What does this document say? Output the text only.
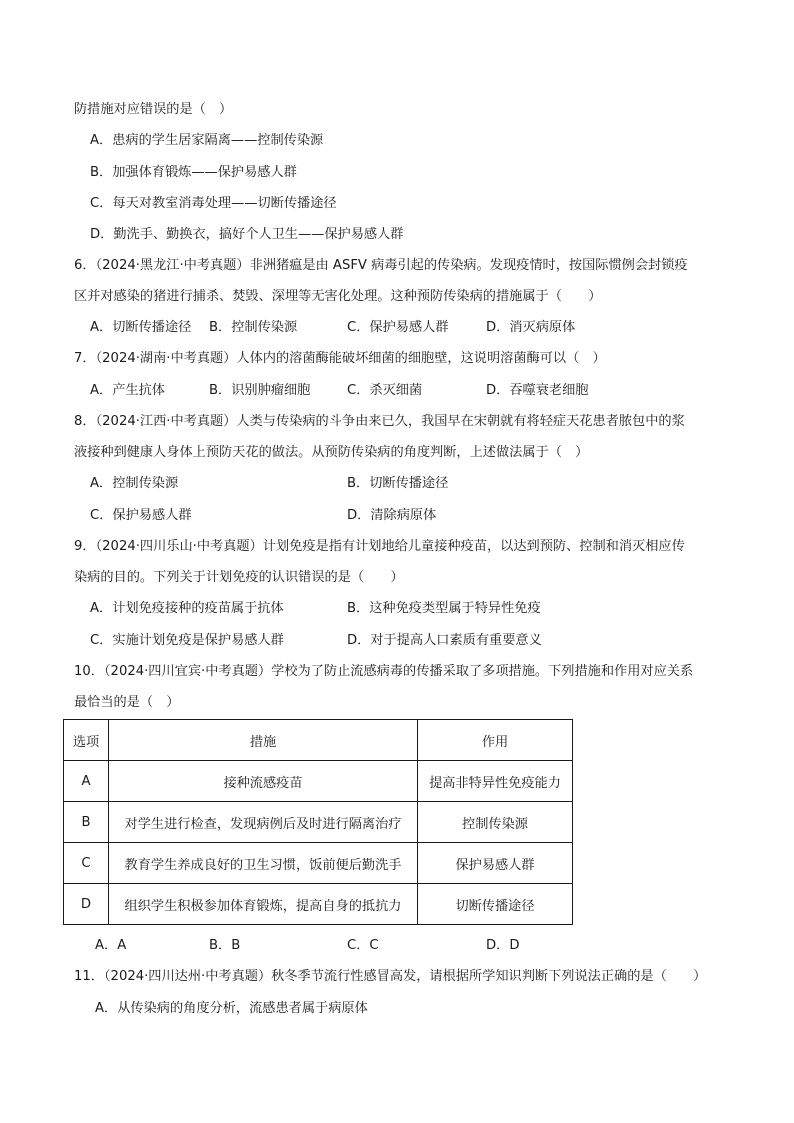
防措施对应错误的是（　）
A．患病的学生居家隔离——控制传染源
B．加强体育锻炼——保护易感人群
C．每天对教室消毒处理——切断传播途径
D．勤洗手、勤换衣，搞好个人卫生——保护易感人群
6．（2024·黑龙江·中考真题）非洲猪瘟是由 ASFV 病毒引起的传染病。发现疫情时，按国际惯例会封锁疫
区并对感染的猪进行捕杀、焚毁、深埋等无害化处理。这种预防传染病的措施属于（　　）
A．切断传播途径 B．控制传染源	C．保护易感人群	D．消灭病原体
7．（2024·湖南·中考真题）人体内的溶菌酶能破坏细菌的细胞壁，这说明溶菌酶可以（　）
A．产生抗体	B．识别肿瘤细胞	C．杀灭细菌	D．吞噬衰老细胞
8．（2024·江西·中考真题）人类与传染病的斗争由来已久，我国早在宋朝就有将轻症天花患者脓包中的浆
液接种到健康人身体上预防天花的做法。从预防传染病的角度判断，上述做法属于（　）
A．控制传染源	B．切断传播途径
C．保护易感人群	D．清除病原体
9．（2024·四川乐山·中考真题）计划免疫是指有计划地给儿童接种疫苗，以达到预防、控制和消灭相应传
染病的目的。下列关于计划免疫的认识错误的是（　　）
A．计划免疫接种的疫苗属于抗体	B．这种免疫类型属于特异性免疫
C．实施计划免疫是保护易感人群	D．对于提高人口素质有重要意义
10．（2024·四川宜宾·中考真题）学校为了防止流感病毒的传播采取了多项措施。下列措施和作用对应关系
最恰当的是（　）
选项	措施	作用
A	接种流感疫苗	提高非特异性免疫能力
B	对学生进行检查，发现病例后及时进行隔离治疗	控制传染源
C	教育学生养成良好的卫生习惯，饭前便后勤洗手	保护易感人群
D	组织学生积极参加体育锻炼，提高自身的抵抗力	切断传播途径
A．A	B．B	C．C	D．D
11．（2024·四川达州·中考真题）秋冬季节流行性感冒高发，请根据所学知识判断下列说法正确的是（　　）
A．从传染病的角度分析，流感患者属于病原体
